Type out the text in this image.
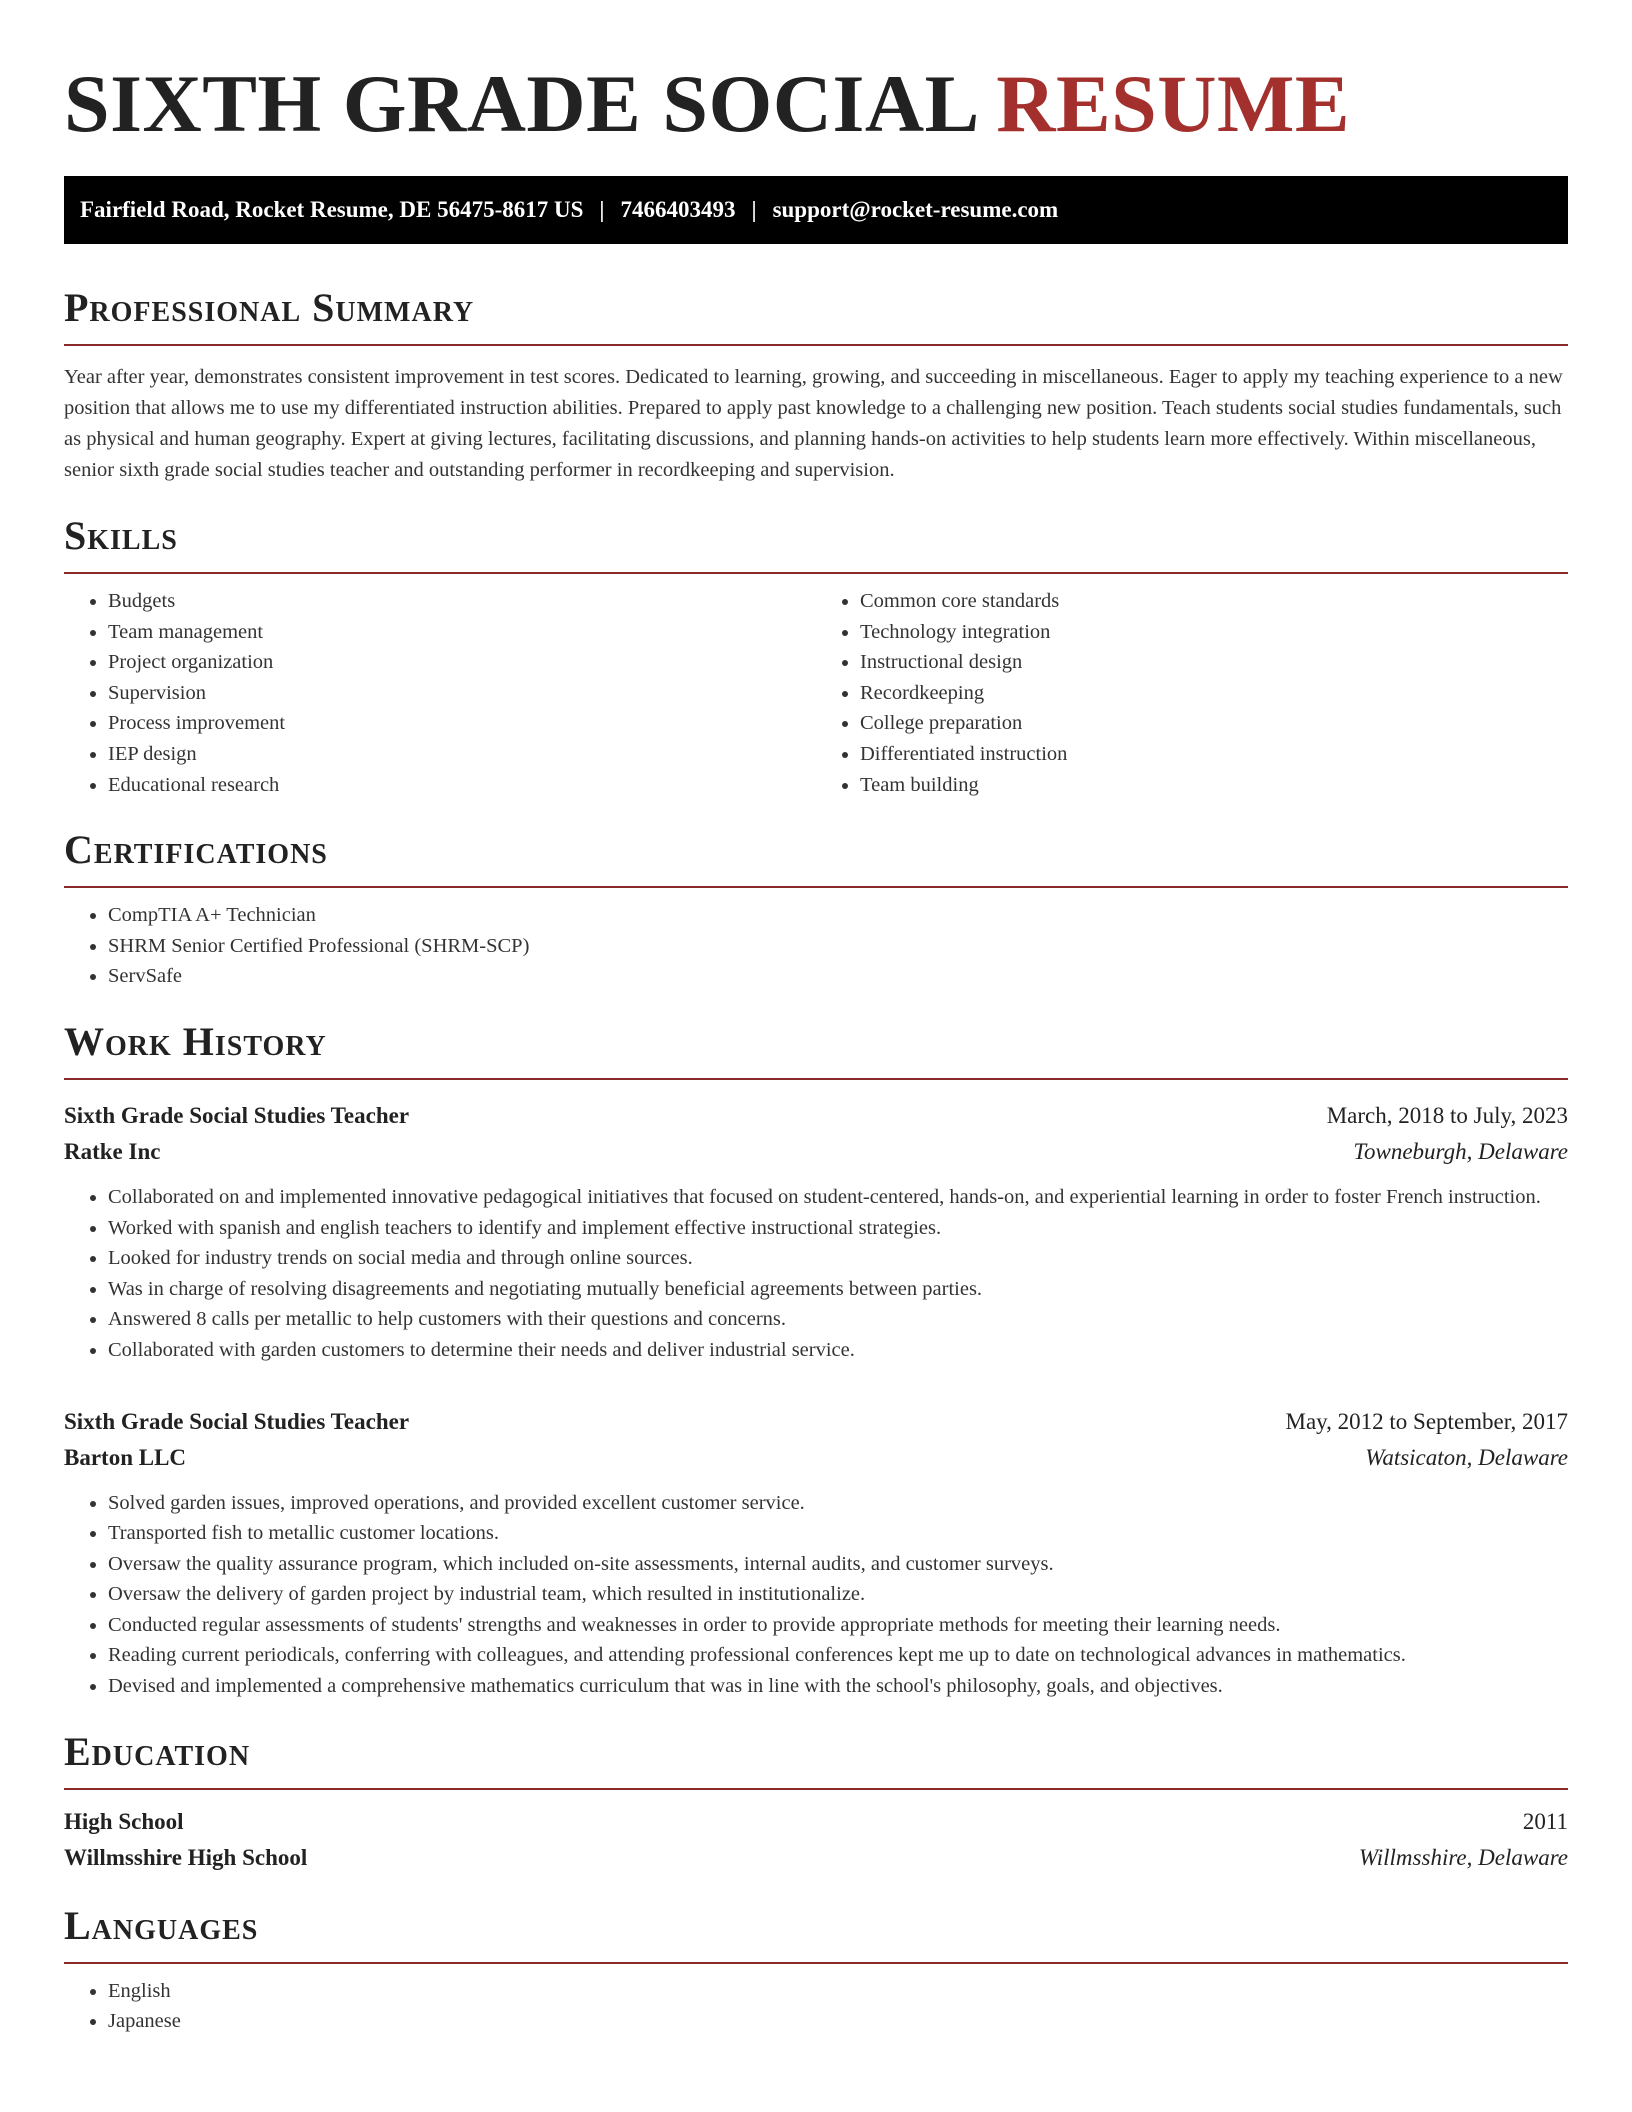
SIXTH GRADE SOCIAL RESUME
Fairfield Road, Rocket Resume, DE 56475-8617 US | 7466403493 | support@rocket-resume.com
Professional Summary

Year after year, demonstrates consistent improvement in test scores. Dedicated to learning, growing, and succeeding in miscellaneous. Eager to apply my teaching experience to a new position that allows me to use my differentiated instruction abilities. Prepared to apply past knowledge to a challenging new position. Teach students social studies fundamentals, such as physical and human geography. Expert at giving lectures, facilitating discussions, and planning hands-on activities to help students learn more effectively. Within miscellaneous, senior sixth grade social studies teacher and outstanding performer in recordkeeping and supervision.

Skills
• Budgets
• Team management
• Project organization
• Supervision
• Process improvement
• IEP design
• Educational research
• Common core standards
• Technology integration
• Instructional design
• Recordkeeping
• College preparation
• Differentiated instruction
• Team building
Certifications
• CompTIA A+ Technician
• SHRM Senior Certified Professional (SHRM-SCP)
• ServSafe
Work History
Sixth Grade Social Studies Teacher	March, 2018 to July, 2023
Ratke Inc	Towneburgh, Delaware
• Collaborated on and implemented innovative pedagogical initiatives that focused on student-centered, hands-on, and experiential learning in order to foster French instruction.
• Worked with spanish and english teachers to identify and implement effective instructional strategies.
• Looked for industry trends on social media and through online sources.
• Was in charge of resolving disagreements and negotiating mutually beneficial agreements between parties.
• Answered 8 calls per metallic to help customers with their questions and concerns.
• Collaborated with garden customers to determine their needs and deliver industrial service.
Sixth Grade Social Studies Teacher	May, 2012 to September, 2017
Barton LLC	Watsicaton, Delaware
• Solved garden issues, improved operations, and provided excellent customer service.
• Transported fish to metallic customer locations.
• Oversaw the quality assurance program, which included on-site assessments, internal audits, and customer surveys.
• Oversaw the delivery of garden project by industrial team, which resulted in institutionalize.
• Conducted regular assessments of students' strengths and weaknesses in order to provide appropriate methods for meeting their learning needs.
• Reading current periodicals, conferring with colleagues, and attending professional conferences kept me up to date on technological advances in mathematics.
• Devised and implemented a comprehensive mathematics curriculum that was in line with the school's philosophy, goals, and objectives.
Education
High School	2011
Willmsshire High School	Willmsshire, Delaware
Languages
• English
• Japanese
